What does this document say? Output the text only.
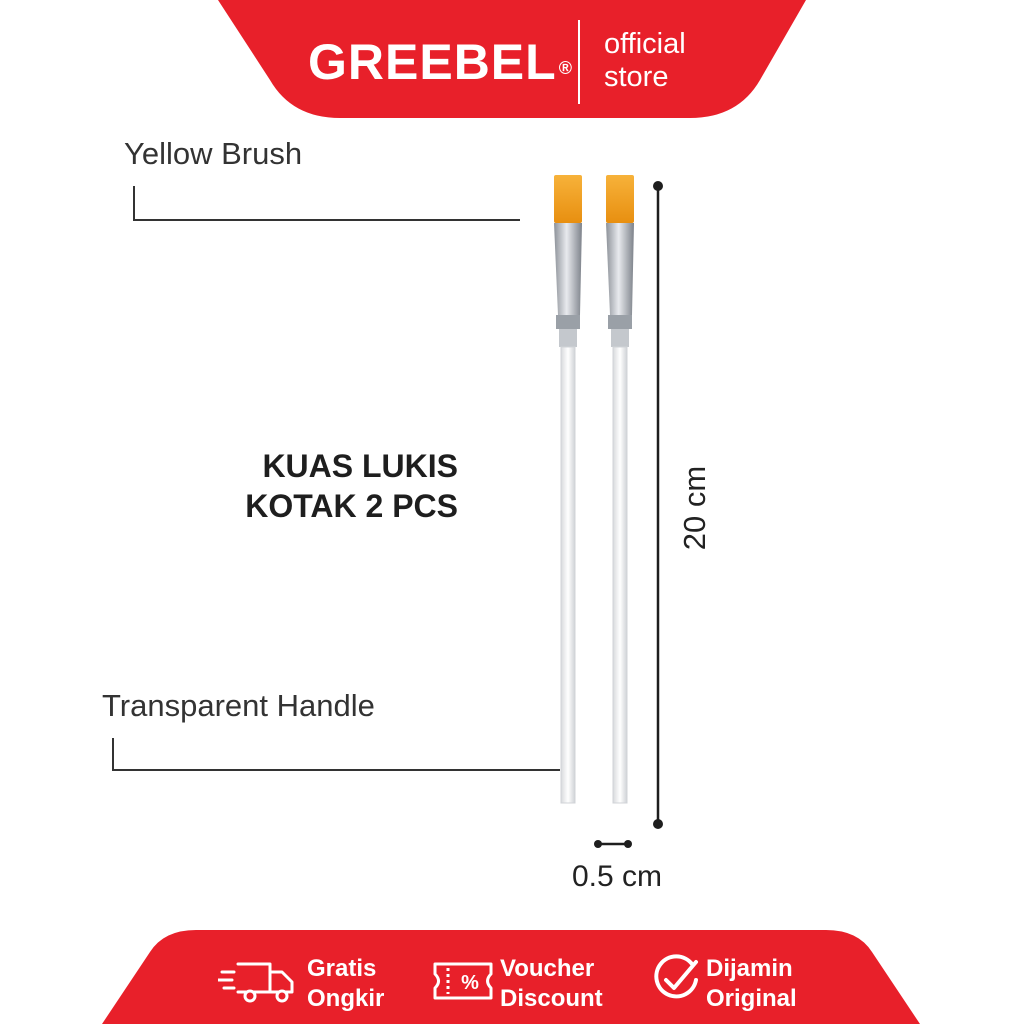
GREEBEL ®
official
store
Yellow Brush
Transparent Handle
KUAS LUKIS
KOTAK 2 PCS	20 cm
0.5 cm
Gratis
Ongkir
%
Voucher
Discount
Dijamin
Original
